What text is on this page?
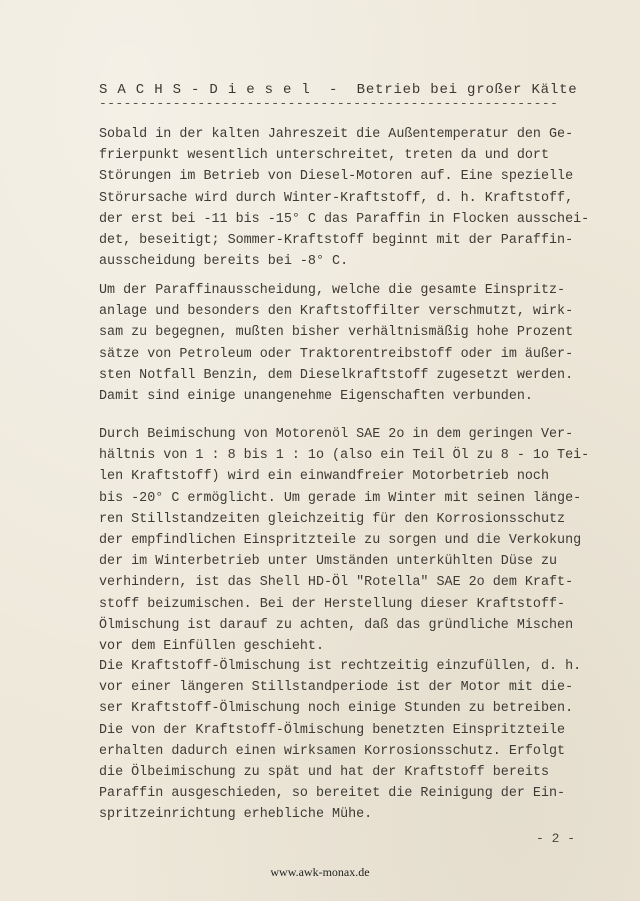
S A C H S - D i e s e l  -  Betrieb bei großer Kälte
--------------------------------------------------------

Sobald in der kalten Jahreszeit die Außentemperatur den Ge-
frierpunkt wesentlich unterschreitet, treten da und dort
Störungen im Betrieb von Diesel-Motoren auf. Eine spezielle
Störursache wird durch Winter-Kraftstoff, d. h. Kraftstoff,
der erst bei -11 bis -15° C das Paraffin in Flocken ausschei-
det, beseitigt; Sommer-Kraftstoff beginnt mit der Paraffin-
ausscheidung bereits bei -8° C.

Um der Paraffinausscheidung, welche die gesamte Einspritz-
anlage und besonders den Kraftstoffilter verschmutzt, wirk-
sam zu begegnen, mußten bisher verhältnismäßig hohe Prozent
sätze von Petroleum oder Traktorentreibstoff oder im äußer-
sten Notfall Benzin, dem Dieselkraftstoff zugesetzt werden.
Damit sind einige unangenehme Eigenschaften verbunden.

Durch Beimischung von Motorenöl SAE 2o in dem geringen Ver-
hältnis von 1 : 8 bis 1 : 1o (also ein Teil Öl zu 8 - 1o Tei-
len Kraftstoff) wird ein einwandfreier Motorbetrieb noch
bis -20° C ermöglicht. Um gerade im Winter mit seinen länge-
ren Stillstandzeiten gleichzeitig für den Korrosionsschutz
der empfindlichen Einspritzteile zu sorgen und die Verkokung
der im Winterbetrieb unter Umständen unterkühlten Düse zu
verhindern, ist das Shell HD-Öl "Rotella" SAE 2o dem Kraft-
stoff beizumischen. Bei der Herstellung dieser Kraftstoff-
Ölmischung ist darauf zu achten, daß das gründliche Mischen
vor dem Einfüllen geschieht.

Die Kraftstoff-Ölmischung ist rechtzeitig einzufüllen, d. h.
vor einer längeren Stillstandperiode ist der Motor mit die-
ser Kraftstoff-Ölmischung noch einige Stunden zu betreiben.
Die von der Kraftstoff-Ölmischung benetzten Einspritzteile
erhalten dadurch einen wirksamen Korrosionsschutz. Erfolgt
die Ölbeimischung zu spät und hat der Kraftstoff bereits
Paraffin ausgeschieden, so bereitet die Reinigung der Ein-
spritzeinrichtung erhebliche Mühe.

- 2 -
www.awk-monax.de
